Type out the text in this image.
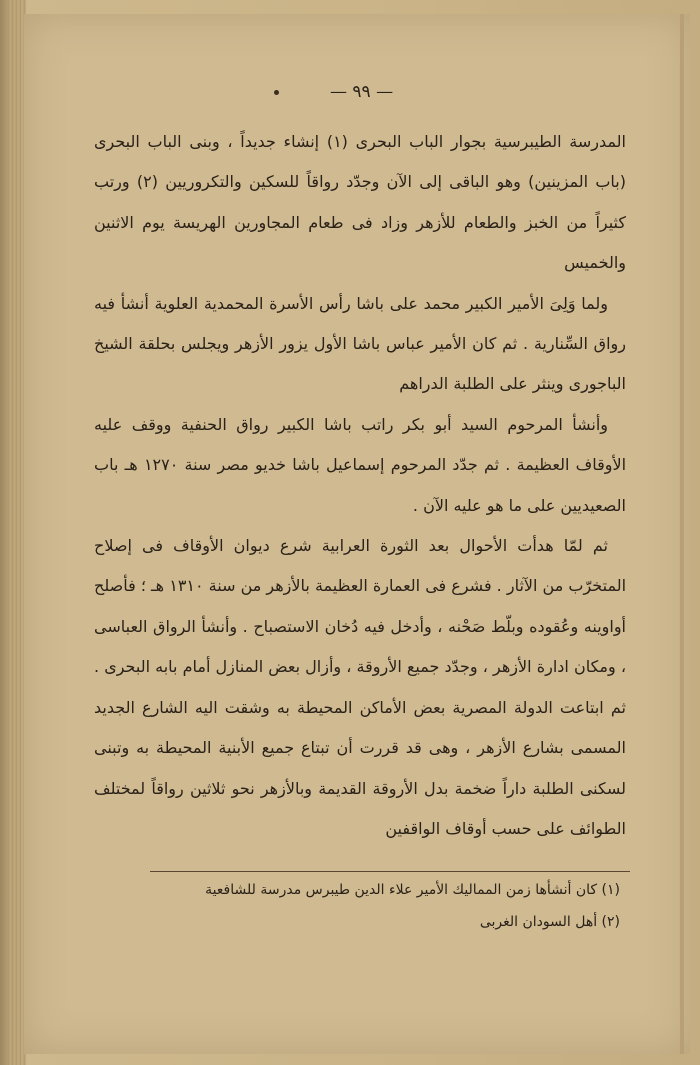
— ٩٩ —

المدرسة الطيبرسية بجوار الباب البحرى (١) إنشاء جديداً ، وبنى الباب البحرى (باب المزينين) وهو الباقى إلى الآن وجدّد رواقاً للسكين والتكروريين (٢) ورتب كثيراً من الخبز والطعام للأزهر وزاد فى طعام المجاورين الهريسة يوم الاثنين والخميس

ولما وَلِىَ الأمير الكبير محمد على باشا رأس الأسرة المحمدية العلوية أنشأ فيه رواق السِّنارية . ثم كان الأمير عباس باشا الأول يزور الأزهر ويجلس بحلقة الشيخ الباجورى وينثر على الطلبة الدراهم

وأنشأ المرحوم السيد أبو بكر راتب باشا الكبير رواق الحنفية ووقف عليه الأوقاف العظيمة . ثم جدّد المرحوم إسماعيل باشا خديو مصر سنة ١٢٧٠ هـ باب الصعيديين على ما هو عليه الآن .

ثم لمّا هدأت الأحوال بعد الثورة العرابية شرع ديوان الأوقاف فى إصلاح المتخرّب من الآثار . فشرع فى العمارة العظيمة بالأزهر من سنة ١٣١٠ هـ ؛ فأصلح أواوينه وعُقوده وبلّط صَحْنه ، وأدخل فيه دُخان الاستصباح . وأنشأ الرواق العباسى ، ومكان ادارة الأزهر ، وجدّد جميع الأروقة ، وأزال بعض المنازل أمام بابه البحرى . ثم ابتاعت الدولة المصرية بعض الأماكن المحيطة به وشقت اليه الشارع الجديد المسمى بشارع الأزهر ، وهى قد قررت أن تبتاع جميع الأبنية المحيطة به وتبنى لسكنى الطلبة داراً ضخمة بدل الأروقة القديمة وبالأزهر نحو ثلاثين رواقاً لمختلف الطوائف على حسب أوقاف الواقفين

(١) كان أنشأها زمن المماليك الأمير علاء الدين طيبرس مدرسة للشافعية

(٢) أهل السودان الغربى
